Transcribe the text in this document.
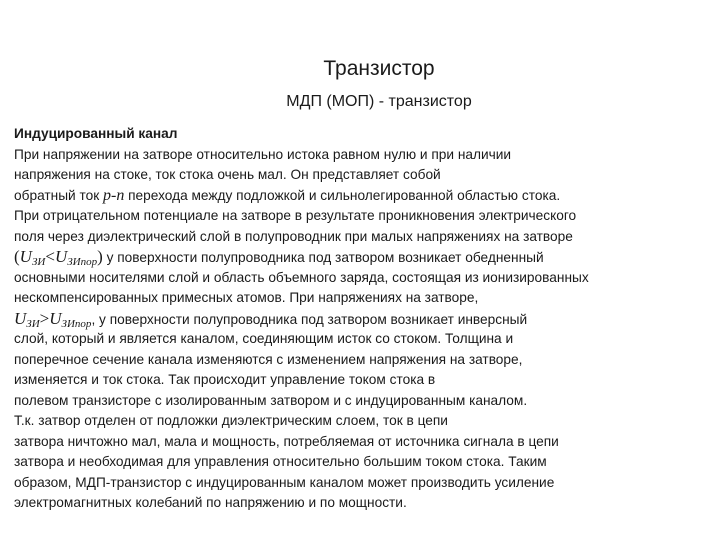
Транзистор
МДП (МОП) - транзистор
Индуцированный канал
При напряжении на затворе относительно истока равном нулю и при наличии
напряжения на стоке, ток стока очень мал. Он представляет собой
обратный ток p-n перехода между подложкой и сильнолегированной областью стока.
При отрицательном потенциале на затворе в результате проникновения электрического
поля через диэлектрический слой в полупроводник при малых напряжениях на затворе
$(U_{ЗИ}<U_{ЗИпор})$ у поверхности полупроводника под затвором возникает обедненный
основными носителями слой и область объемного заряда, состоящая из ионизированных
нескомпенсированных примесных атомов. При напряжениях на затворе,
$U_{ЗИ}>U_{ЗИпор}$, у поверхности полупроводника под затвором возникает инверсный
слой, который и является каналом, соединяющим исток со стоком. Толщина и
поперечное сечение канала изменяются с изменением напряжения на затворе,
изменяется и ток стока. Так происходит управление током стока в
полевом транзисторе с изолированным затвором и с индуцированным каналом.
Т.к. затвор отделен от подложки диэлектрическим слоем, ток в цепи
затвора ничтожно мал, мала и мощность, потребляемая от источника сигнала в цепи
затвора и необходимая для управления относительно большим током стока. Таким
образом, МДП-транзистор с индуцированным каналом может производить усиление
электромагнитных колебаний по напряжению и по мощности.
